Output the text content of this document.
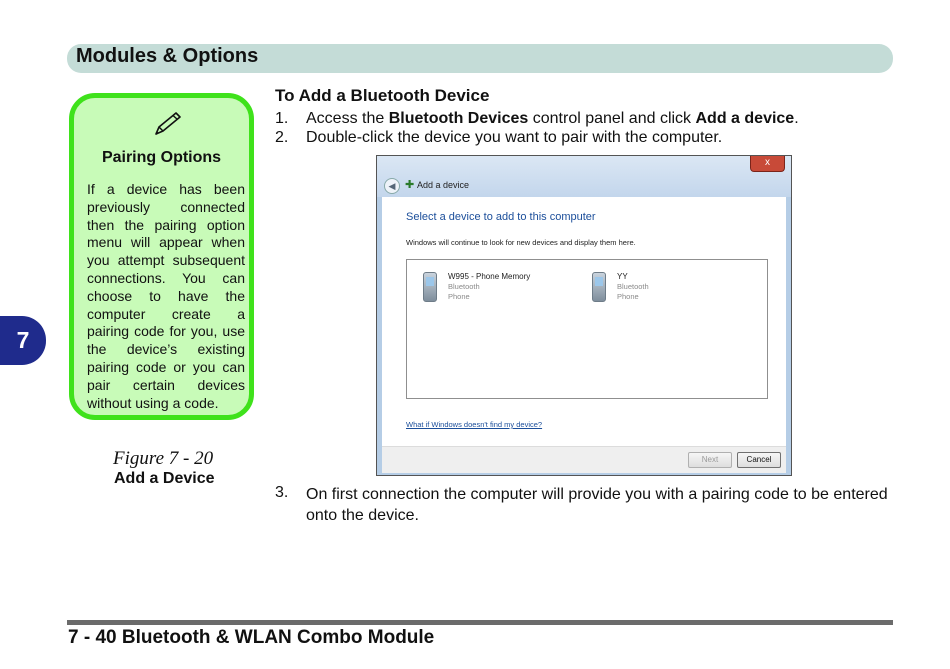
Modules & Options
7
Pairing Options
If a device has been previously connected then the pairing option menu will appear when you attempt subsequent connections. You can choose to have the computer create a pairing code for you, use the device’s existing pairing code or you can pair certain devices without using a code.
Figure 7 - 20
Add a Device
To Add a Bluetooth Device
1. Access the Bluetooth Devices control panel and click Add a device.
2. Double-click the device you want to pair with the computer.
x
◀ ✚ Add a device
Select a device to add to this computer
Windows will continue to look for new devices and display them here.
W995 - Phone Memory
Bluetooth
Phone
YY
Bluetooth
Phone
What if Windows doesn't find my device?
Next	Cancel
3. On first connection the computer will provide you with a pairing code to be entered onto the device.
7 - 40 Bluetooth & WLAN Combo Module
